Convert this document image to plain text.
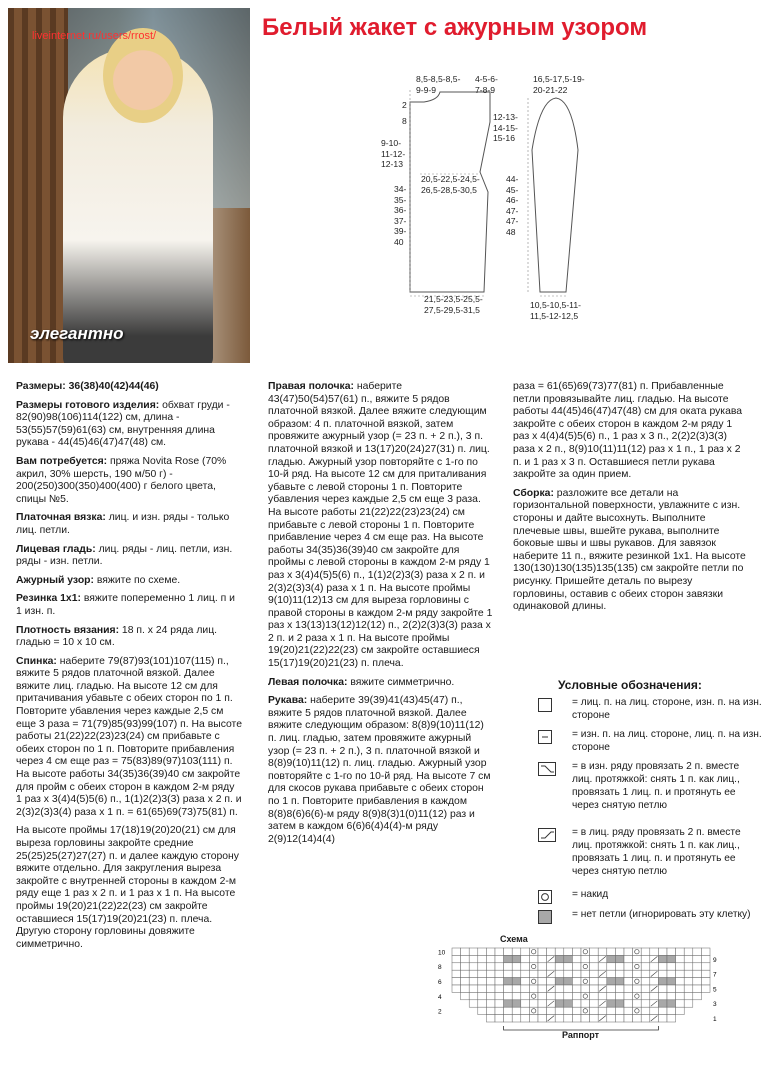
liveinternet.ru/users/rrost/
элегантно
Белый жакет с ажурным узором
8,5-8,5-8,5-
9-9-9
4-5-6-
7-8-9
2
8
9-10-
11-12-
12-13
34-
35-
36-
37-
39-
40
20,5-22,5-24,5-
26,5-28,5-30,5
21,5-23,5-25,5-
27,5-29,5-31,5
16,5-17,5-19-
20-21-22
12-13-
14-15-
15-16
44-
45-
46-
47-
47-
48
10,5-10,5-11-
11,5-12-12,5

Размеры: 36(38)40(42)44(46)

Размеры готового изделия: обхват груди - 82(90)98(106)114(122) см, длина - 53(55)57(59)61(63) см, внутренняя длина рукава - 44(45)46(47)47(48) см.

Вам потребуется: пряжа Novita Rose (70% акрил, 30% шерсть, 190 м/50 г) - 200(250)300(350)400(400) г белого цвета, спицы №5.

Платочная вязка: лиц. и изн. ряды - только лиц. петли.

Лицевая гладь: лиц. ряды - лиц. петли, изн. ряды - изн. петли.

Ажурный узор: вяжите по схеме.

Резинка 1x1: вяжите попеременно 1 лиц. п и 1 изн. п.

Плотность вязания: 18 п. х 24 ряда лиц. гладью = 10 х 10 см.

Спинка: наберите 79(87)93(101)107(115) п., вяжите 5 рядов платочной вязкой. Далее вяжите лиц. гладью. На высоте 12 см для притачивания убавьте с обеих сторон по 1 п. Повторите убавления через каждые 2,5 см еще 3 раза = 71(79)85(93)99(107) п. На высоте работы 21(22)22(23)23(24) см прибавьте с обеих сторон по 1 п. Повторите прибавления через 4 см еще раз = 75(83)89(97)103(111) п. На высоте работы 34(35)36(39)40 см закройте для пройм с обеих сторон в каждом 2-м ряду 1 раз х 3(4)4(5)5(6) п., 1(1)2(2)3(3) раза х 2 п. и 2(3)2(3)3(4) раза х 1 п. = 61(65)69(73)75(81) п.

На высоте проймы 17(18)19(20)20(21) см для выреза горловины закройте средние 25(25)25(27)27(27) п. и далее каждую сторону вяжите отдельно. Для закругления выреза закройте с внутренней стороны в каждом 2-м ряду еще 1 раз х 2 п. и 1 раз х 1 п. На высоте проймы 19(20)21(22)22(23) см закройте оставшиеся 15(17)19(20)21(23) п. плеча. Другую сторону горловины довяжите симметрично.

Правая полочка: наберите 43(47)50(54)57(61) п., вяжите 5 рядов платочной вязкой. Далее вяжите следующим образом: 4 п. платочной вязкой, затем провяжите ажурный узор (= 23 п. + 2 п.), 3 п. платочной вязкой и 13(17)20(24)27(31) п. лиц. гладью. Ажурный узор повторяйте с 1-го по 10-й ряд. На высоте 12 см для приталивания убавьте с левой стороны 1 п. Повторите убавления через каждые 2,5 см еще 3 раза. На высоте работы 21(22)22(23)23(24) см прибавьте с левой стороны 1 п. Повторите прибавление через 4 см еще раз. На высоте работы 34(35)36(39)40 см закройте для проймы с левой стороны в каждом 2-м ряду 1 раз х 3(4)4(5)5(6) п., 1(1)2(2)3(3) раза х 2 п. и 2(3)2(3)3(4) раза х 1 п. На высоте проймы 9(10)11(12)13 см для выреза горловины с правой стороны в каждом 2-м ряду закройте 1 раз х 13(13)13(12)12(12) п., 2(2)2(3)3(3) раза х 2 п. и 2 раза х 1 п. На высоте проймы 19(20)21(22)22(23) см закройте оставшиеся 15(17)19(20)21(23) п. плеча.

Левая полочка: вяжите симметрично.

Рукава: наберите 39(39)41(43)45(47) п., вяжите 5 рядов платочной вязкой. Далее вяжите следующим образом: 8(8)9(10)11(12) п. лиц. гладью, затем провяжите ажурный узор (= 23 п. + 2 п.), 3 п. платочной вязкой и 8(8)9(10)11(12) п. лиц. гладью. Ажурный узор повторяйте с 1-го по 10-й ряд. На высоте 7 см для скосов рукава прибавьте с обеих сторон по 1 п. Повторите прибавления в каждом 8(8)8(6)6(6)-м ряду 8(9)8(3)1(0)11(12) раз и затем в каждом 6(6)6(4)4(4)-м ряду 2(9)12(14)4(4)

раза = 61(65)69(73)77(81) п. Прибавленные петли провязывайте лиц. гладью. На высоте работы 44(45)46(47)47(48) см для оката рукава закройте с обеих сторон в каждом 2-м ряду 1 раз х 4(4)4(5)5(6) п., 1 раз х 3 п., 2(2)2(3)3(3) раза х 2 п., 8(9)10(11)11(12) раз х 1 п., 1 раз х 2 п. и 1 раз х 3 п. Оставшиеся петли рукава закройте за один прием.

Сборка: разложите все детали на горизонтальной поверхности, увлажните с изн. стороны и дайте высохнуть. Выполните плечевые швы, вшейте рукава, выполните боковые швы и швы рукавов. Для завязок наберите 11 п., вяжите резинкой 1х1. На высоте 130(130)130(135)135(135) см закройте петли по рисунку. Пришейте деталь по вырезу горловины, оставив с обеих сторон завязки одинаковой длины.

Условные обозначения:
= лиц. п. на лиц. стороне, изн. п. на изн. стороне
= изн. п. на лиц. стороне, лиц. п. на изн. стороне
= в изн. ряду провязать 2 п. вместе лиц. протяжкой: снять 1 п. как лиц., провязать 1 лиц. п. и протянуть ее через снятую петлю
= в лиц. ряду провязать 2 п. вместе лиц. протяжкой: снять 1 п. как лиц., провязать 1 лиц. п. и протянуть ее через снятую петлю
= накид
= нет петли (игнорировать эту клетку)
Схема
10
8
6
4
2
9
7
5
3
1
Раппорт
